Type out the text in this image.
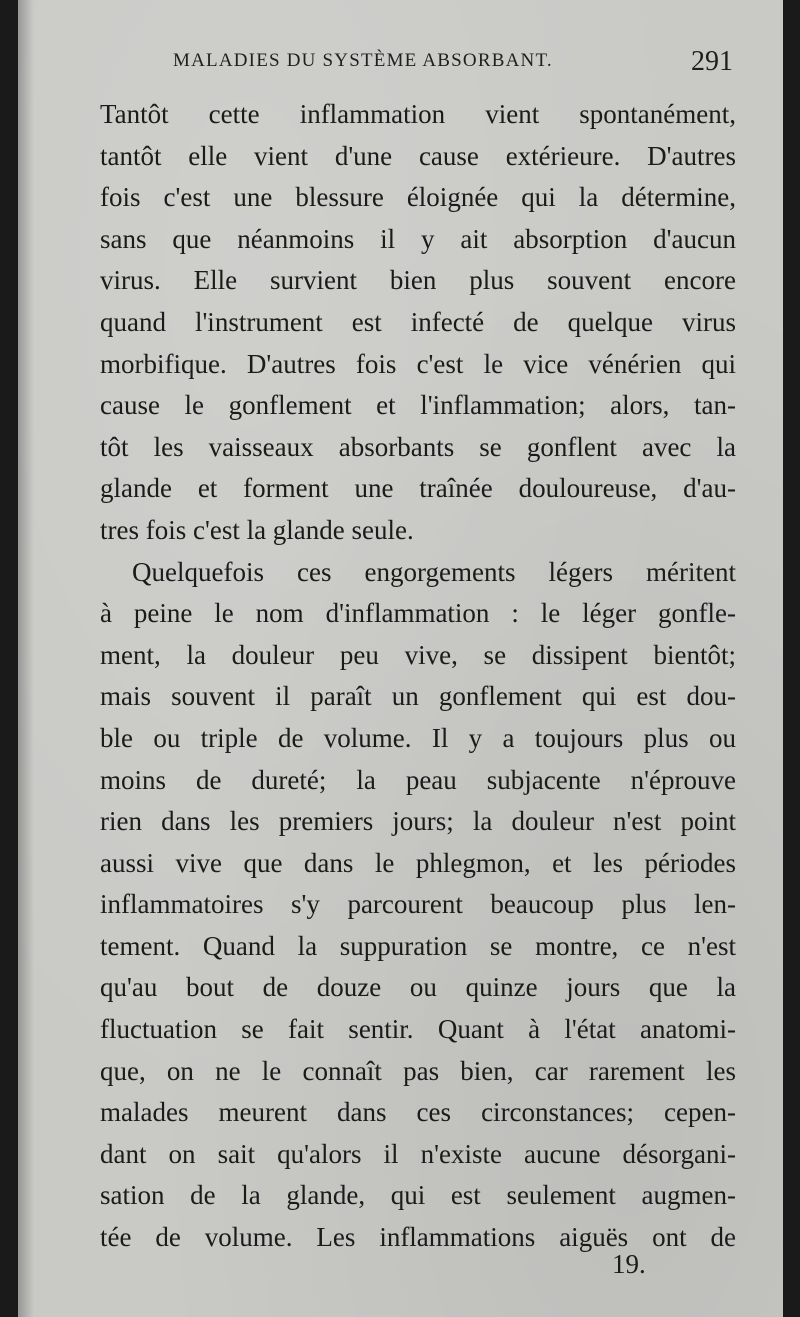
MALADIES DU SYSTÈME ABSORBANT.	291
Tantôt cette inflammation vient spontanément,
tantôt elle vient d'une cause extérieure. D'autres
fois c'est une blessure éloignée qui la détermine,
sans que néanmoins il y ait absorption d'aucun
virus. Elle survient bien plus souvent encore
quand l'instrument est infecté de quelque virus
morbifique. D'autres fois c'est le vice vénérien qui
cause le gonflement et l'inflammation; alors, tan-
tôt les vaisseaux absorbants se gonflent avec la
glande et forment une traînée douloureuse, d'au-
tres fois c'est la glande seule.
Quelquefois ces engorgements légers méritent
à peine le nom d'inflammation : le léger gonfle-
ment, la douleur peu vive, se dissipent bientôt;
mais souvent il paraît un gonflement qui est dou-
ble ou triple de volume. Il y a toujours plus ou
moins de dureté; la peau subjacente n'éprouve
rien dans les premiers jours; la douleur n'est point
aussi vive que dans le phlegmon, et les périodes
inflammatoires s'y parcourent beaucoup plus len-
tement. Quand la suppuration se montre, ce n'est
qu'au bout de douze ou quinze jours que la
fluctuation se fait sentir. Quant à l'état anatomi-
que, on ne le connaît pas bien, car rarement les
malades meurent dans ces circonstances; cepen-
dant on sait qu'alors il n'existe aucune désorgani-
sation de la glande, qui est seulement augmen-
tée de volume. Les inflammations aiguës ont de
19.
